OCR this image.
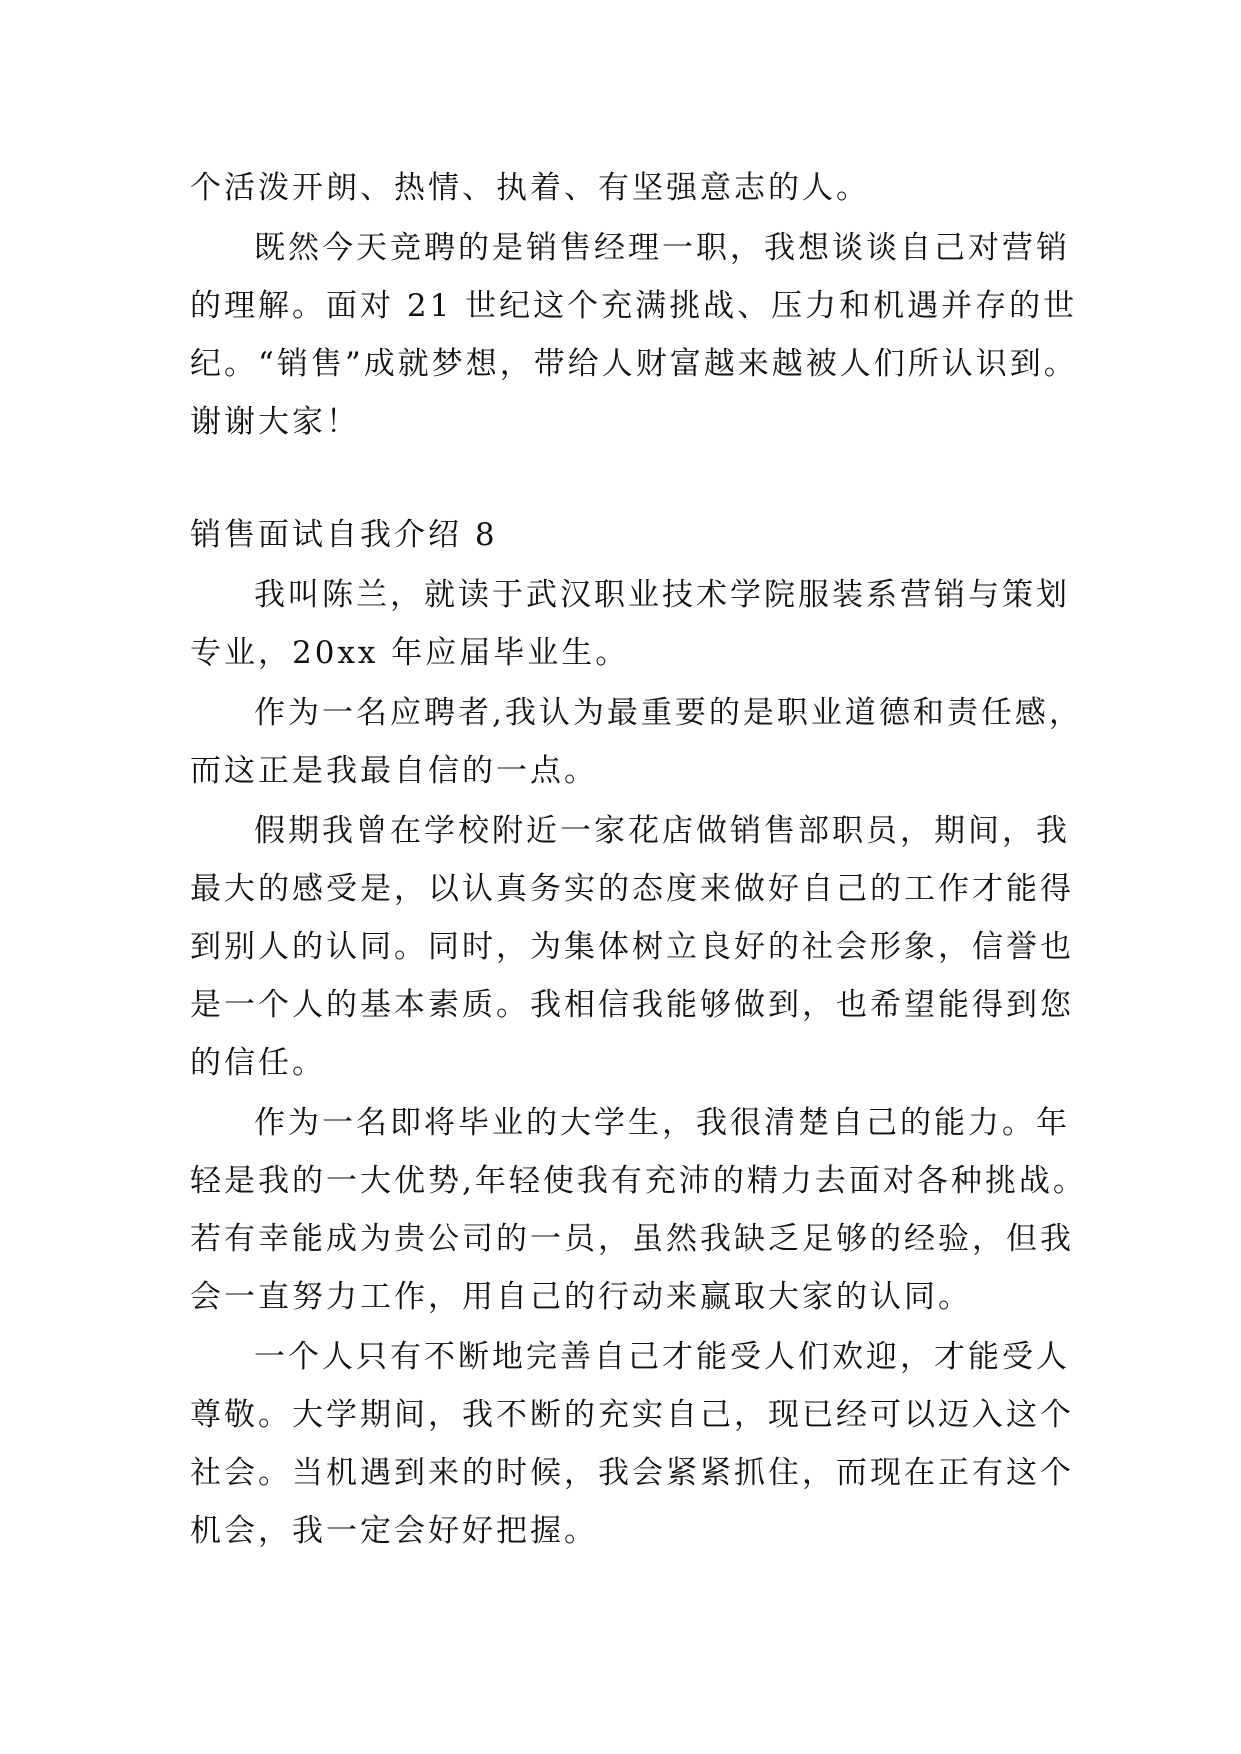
个活泼开朗、热情、执着、有坚强意志的人。

既然今天竞聘的是销售经理一职，我想谈谈自己对营销

的理解。面对 21 世纪这个充满挑战、压力和机遇并存的世

纪。“销售”成就梦想，带给人财富越来越被人们所认识到。

谢谢大家！

销售面试自我介绍 8

我叫陈兰，就读于武汉职业技术学院服装系营销与策划

专业，20xx 年应届毕业生。

作为一名应聘者,我认为最重要的是职业道德和责任感，

而这正是我最自信的一点。

假期我曾在学校附近一家花店做销售部职员，期间，我

最大的感受是，以认真务实的态度来做好自己的工作才能得

到别人的认同。同时，为集体树立良好的社会形象，信誉也

是一个人的基本素质。我相信我能够做到，也希望能得到您

的信任。

作为一名即将毕业的大学生，我很清楚自己的能力。年

轻是我的一大优势,年轻使我有充沛的精力去面对各种挑战。

若有幸能成为贵公司的一员，虽然我缺乏足够的经验，但我

会一直努力工作，用自己的行动来赢取大家的认同。

一个人只有不断地完善自己才能受人们欢迎，才能受人

尊敬。大学期间，我不断的充实自己，现已经可以迈入这个

社会。当机遇到来的时候，我会紧紧抓住，而现在正有这个

机会，我一定会好好把握。
